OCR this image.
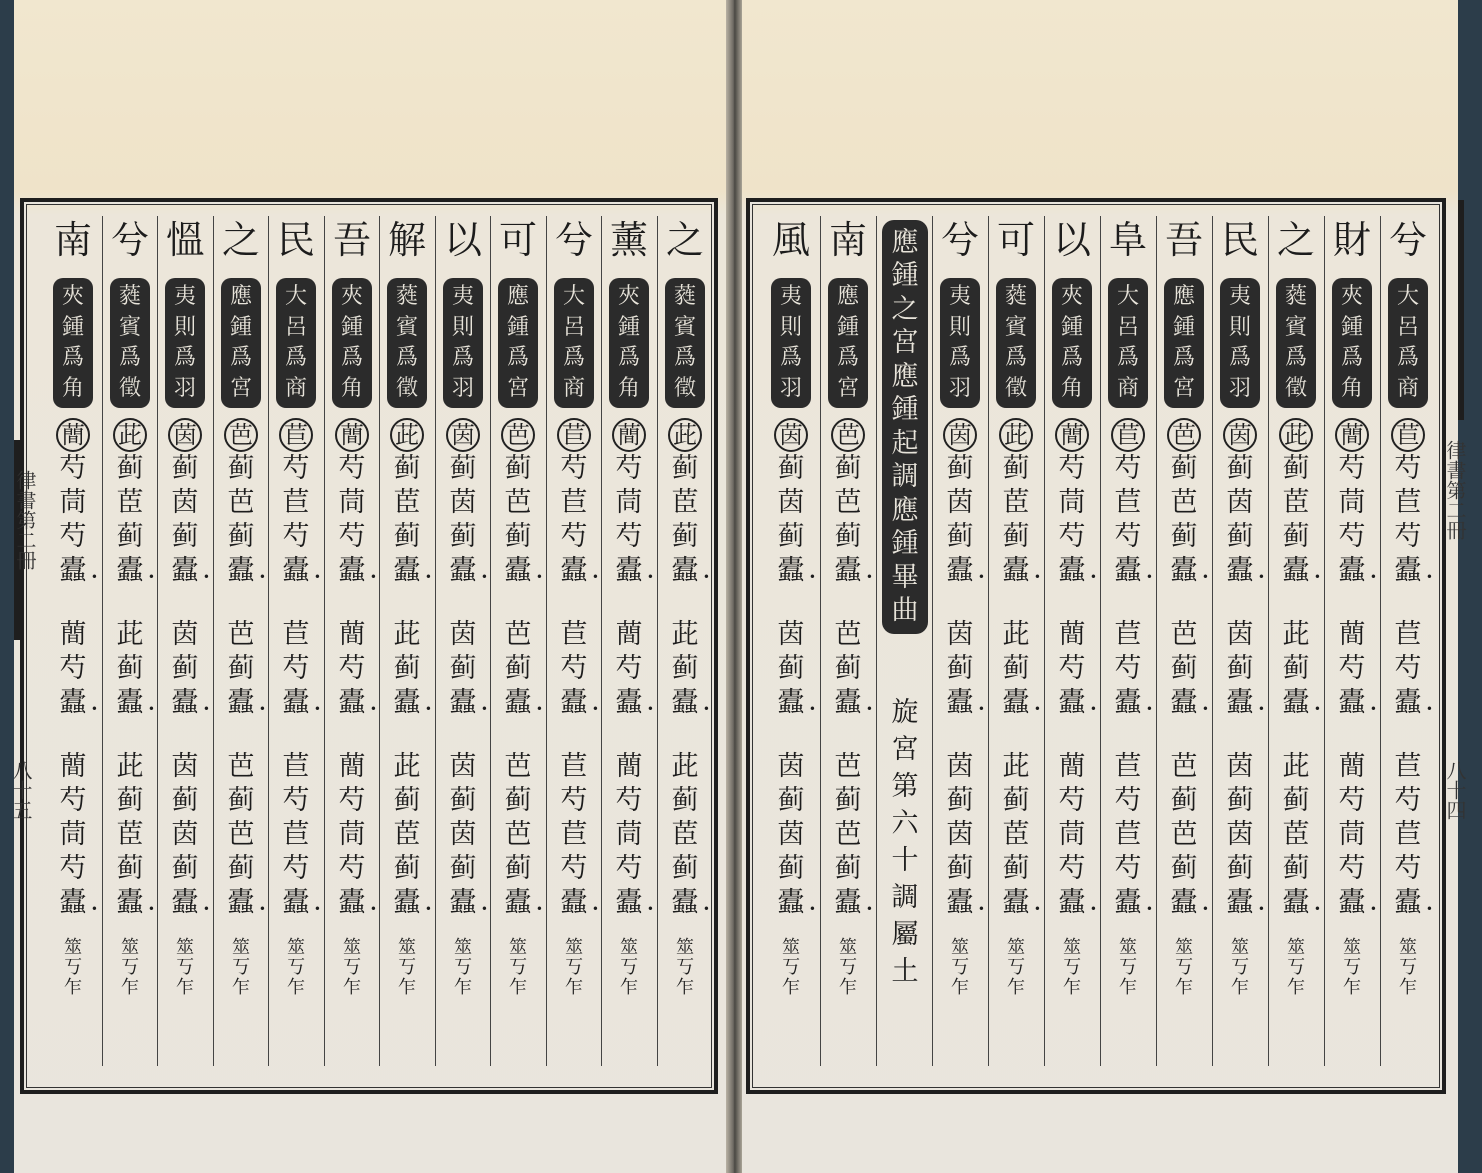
律書第二冊
八十五
律書第二冊
八十四
之
蕤
賓
爲
徵
茈
蓟
茞
蓟
蠹 •
茈
蓟
蠹 •
茈
蓟
茞
蓟
蠹 •
筮
丂
乍
薰
夾
鍾
爲
角
蕳
芍
茼
芍
蠹 •
蕳
芍
蠹 •
蕳
芍
茼
芍
蠹 •
筮
丂
乍
兮
大
呂
爲
商
苣
芍
苣
芍
蠹 •
苣
芍
蠹 •
苣
芍
苣
芍
蠹 •
筮
丂
乍
可
應
鍾
爲
宮
芭
蓟
芭
蓟
蠹 •
芭
蓟
蠹 •
芭
蓟
芭
蓟
蠹 •
筮
丂
乍
以
夷
則
爲
羽
茵
蓟
茵
蓟
蠹 •
茵
蓟
蠹 •
茵
蓟
茵
蓟
蠹 •
筮
丂
乍
解
蕤
賓
爲
徵
茈
蓟
茞
蓟
蠹 •
茈
蓟
蠹 •
茈
蓟
茞
蓟
蠹 •
筮
丂
乍
吾
夾
鍾
爲
角
蕳
芍
茼
芍
蠹 •
蕳
芍
蠹 •
蕳
芍
茼
芍
蠹 •
筮
丂
乍
民
大
呂
爲
商
苣
芍
苣
芍
蠹 •
苣
芍
蠹 •
苣
芍
苣
芍
蠹 •
筮
丂
乍
之
應
鍾
爲
宮
芭
蓟
芭
蓟
蠹 •
芭
蓟
蠹 •
芭
蓟
芭
蓟
蠹 •
筮
丂
乍
慍
夷
則
爲
羽
茵
蓟
茵
蓟
蠹 •
茵
蓟
蠹 •
茵
蓟
茵
蓟
蠹 •
筮
丂
乍
兮
蕤
賓
爲
徵
茈
蓟
茞
蓟
蠹 •
茈
蓟
蠹 •
茈
蓟
茞
蓟
蠹 •
筮
丂
乍
南
夾
鍾
爲
角
蕳
芍
茼
芍
蠹 •
蕳
芍
蠹 •
蕳
芍
茼
芍
蠹 •
筮
丂
乍
兮
大
呂
爲
商
苣
芍
苣
芍
蠹 •
苣
芍
蠹 •
苣
芍
苣
芍
蠹 •
筮
丂
乍
財
夾
鍾
爲
角
蕳
芍
茼
芍
蠹 •
蕳
芍
蠹 •
蕳
芍
茼
芍
蠹 •
筮
丂
乍
之
蕤
賓
爲
徵
茈
蓟
茞
蓟
蠹 •
茈
蓟
蠹 •
茈
蓟
茞
蓟
蠹 •
筮
丂
乍
民
夷
則
爲
羽
茵
蓟
茵
蓟
蠹 •
茵
蓟
蠹 •
茵
蓟
茵
蓟
蠹 •
筮
丂
乍
吾
應
鍾
爲
宮
芭
蓟
芭
蓟
蠹 •
芭
蓟
蠹 •
芭
蓟
芭
蓟
蠹 •
筮
丂
乍
阜
大
呂
爲
商
苣
芍
苣
芍
蠹 •
苣
芍
蠹 •
苣
芍
苣
芍
蠹 •
筮
丂
乍
以
夾
鍾
爲
角
蕳
芍
茼
芍
蠹 •
蕳
芍
蠹 •
蕳
芍
茼
芍
蠹 •
筮
丂
乍
可
蕤
賓
爲
徵
茈
蓟
茞
蓟
蠹 •
茈
蓟
蠹 •
茈
蓟
茞
蓟
蠹 •
筮
丂
乍
兮
夷
則
爲
羽
茵
蓟
茵
蓟
蠹 •
茵
蓟
蠹 •
茵
蓟
茵
蓟
蠹 •
筮
丂
乍
風
夷
則
爲
羽
茵
蓟
茵
蓟
蠹 •
茵
蓟
蠹 •
茵
蓟
茵
蓟
蠹 •
筮
丂
乍
南
應
鍾
爲
宮
芭
蓟
芭
蓟
蠹 •
芭
蓟
蠹 •
芭
蓟
芭
蓟
蠹 •
筮
丂
乍
應
鍾
之
宮
應
鍾
起
調
應
鍾
畢
曲
旋
宮
第
六
十
調
屬
土
